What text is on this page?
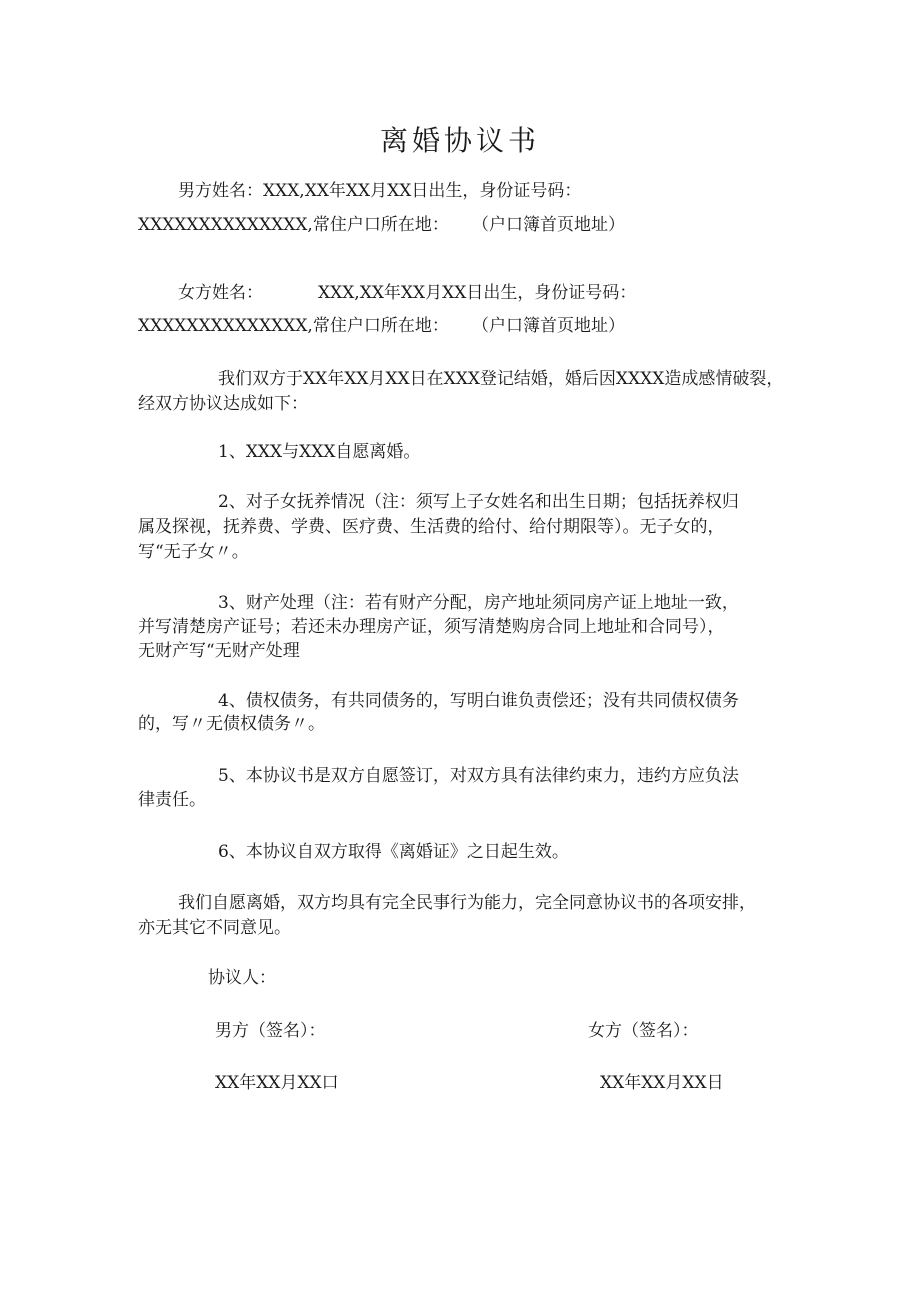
离婚协议书
男方姓名：XXX,XX年XX月XX日出生，身份证号码：
XXXXXXXXXXXXXX,常住户口所在地： （户口簿首页地址）
女方姓名：	XXX,XX年XX月XX日出生，身份证号码：
XXXXXXXXXXXXXX,常住户口所在地： （户口簿首页地址）
我们双方于XX年XX月XX日在XXX登记结婚，婚后因XXXX造成感情破裂，
经双方协议达成如下：
1、XXX与XXX自愿离婚。
2、对子女抚养情况（注：须写上子女姓名和出生日期；包括抚养权归
属及探视，抚养费、学费、医疗费、生活费的给付、给付期限等）。无子女的，
写“无子女〃。
3、财产处理（注：若有财产分配，房产地址须同房产证上地址一致，
并写清楚房产证号；若还未办理房产证，须写清楚购房合同上地址和合同号），
无财产写“无财产处理
4、债权债务，有共同债务的，写明白谁负责偿还；没有共同债权债务
的，写〃无债权债务〃。
5、本协议书是双方自愿签订，对双方具有法律约束力，违约方应负法
律责任。
6、本协议自双方取得《离婚证》之日起生效。
我们自愿离婚，双方均具有完全民事行为能力，完全同意协议书的各项安排，
亦无其它不同意见。
协议人：
男方（签名）：	女方（签名）：
XX年XX月XX口	XX年XX月XX日
